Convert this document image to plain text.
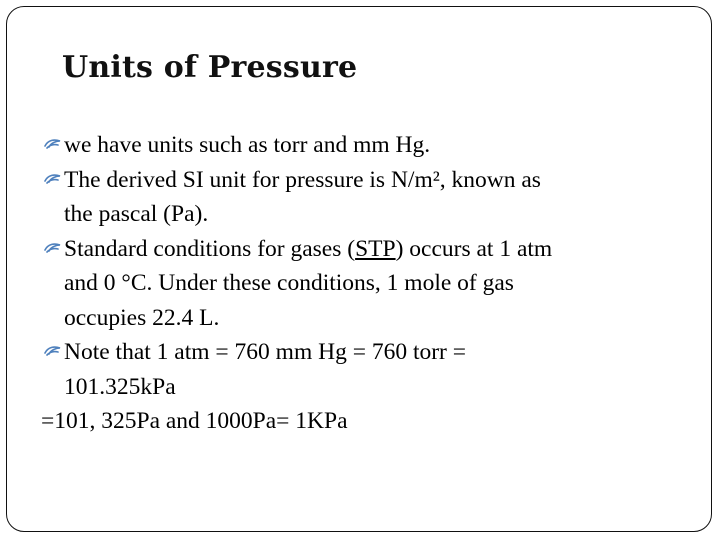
Units of Pressure
we have units such as torr and mm Hg.
The derived SI unit for pressure is N/m², known as
the pascal (Pa).
Standard conditions for gases (STP) occurs at 1 atm
and 0 °C. Under these conditions, 1 mole of gas
occupies 22.4 L.
Note that 1 atm = 760 mm Hg = 760 torr =
101.325kPa
=101, 325Pa and 1000Pa= 1KPa
